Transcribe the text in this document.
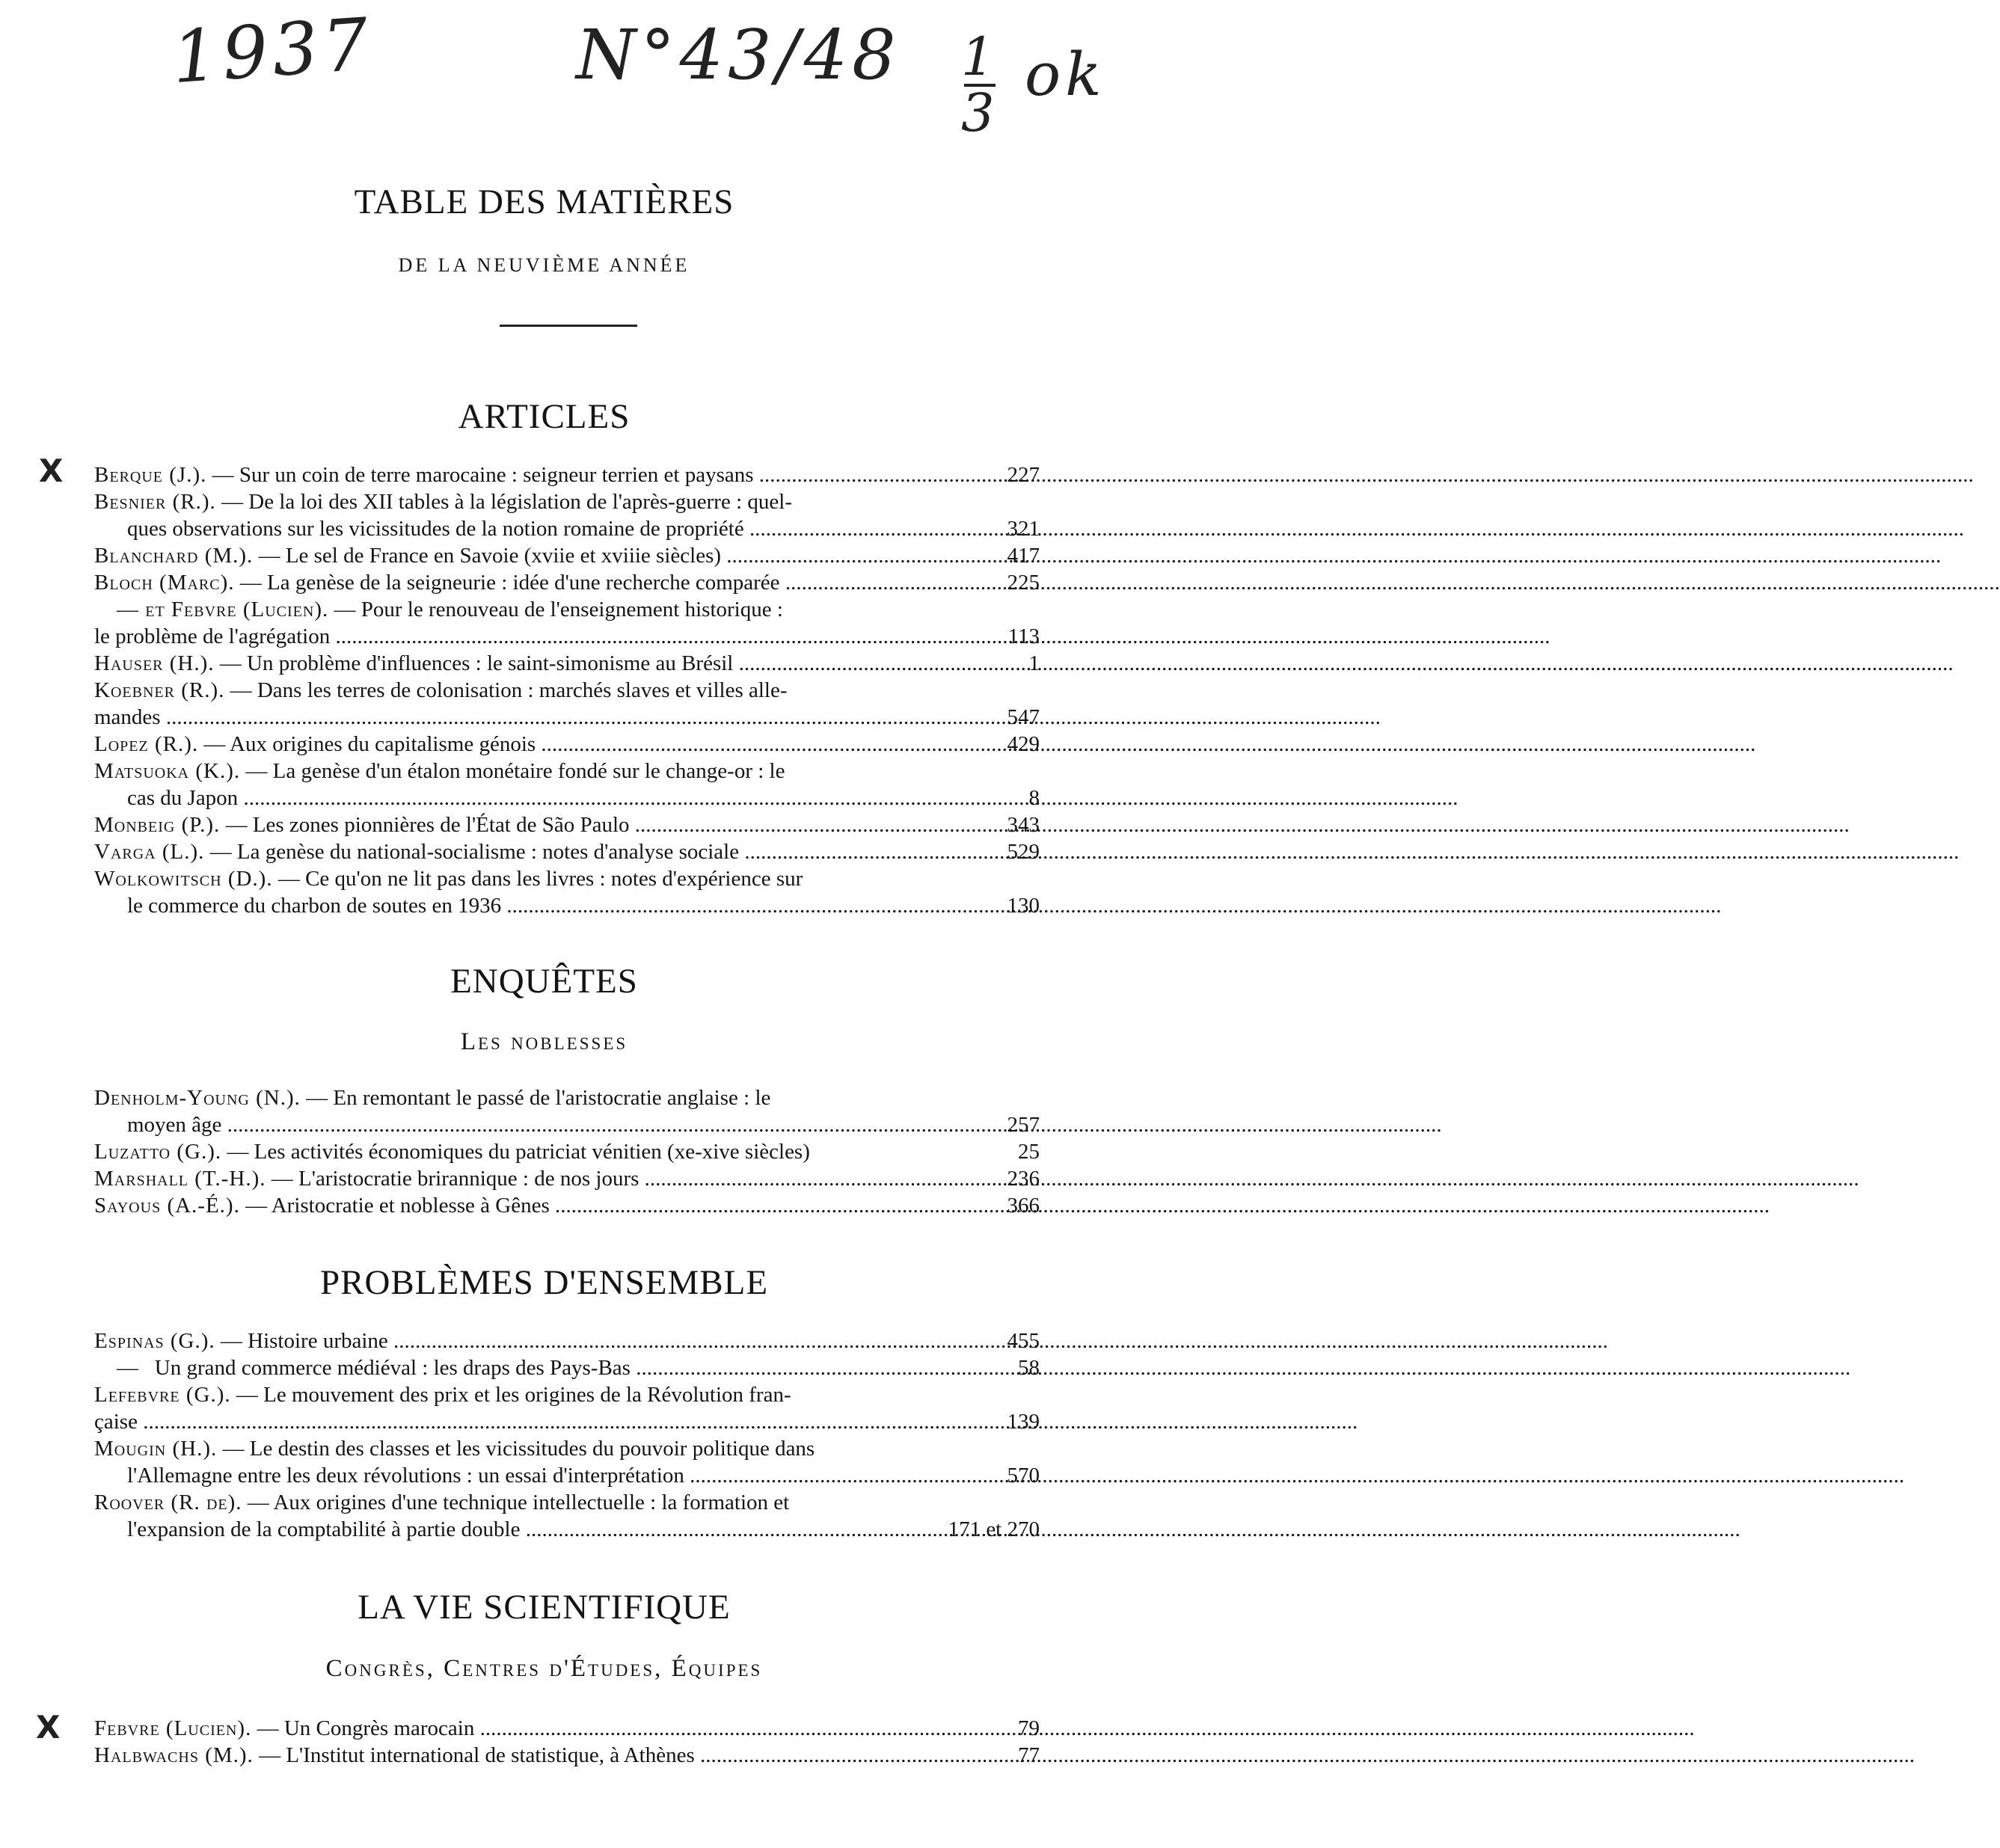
1937	N°43/48 1
3
ok
TABLE DES MATIÈRES
DE LA NEUVIÈME ANNÉE
ARTICLES
X Berque (J.). — Sur un coin de terre marocaine : seigneur terrien et paysans .....	227
Besnier (R.). — De la loi des XII tables à la législation de l'après-guerre : quel-
ques observations sur les vicissitudes de la notion romaine de propriété .....	321
Blanchard (M.). — Le sel de France en Savoie (xviie et xviiie siècles) .....	417
Bloch (Marc). — La genèse de la seigneurie : idée d'une recherche comparée .....	225
— et Febvre (Lucien). — Pour le renouveau de l'enseignement historique :
le problème de l'agrégation .....	113
Hauser (H.). — Un problème d'influences : le saint-simonisme au Brésil .....	1
Koebner (R.). — Dans les terres de colonisation : marchés slaves et villes alle-
mandes .....	547
Lopez (R.). — Aux origines du capitalisme génois .....	429
Matsuoka (K.). — La genèse d'un étalon monétaire fondé sur le change-or : le
cas du Japon .....	8
Monbeig (P.). — Les zones pionnières de l'État de São Paulo .....	343
Varga (L.). — La genèse du national-socialisme : notes d'analyse sociale .....	529
Wolkowitsch (D.). — Ce qu'on ne lit pas dans les livres : notes d'expérience sur
le commerce du charbon de soutes en 1936 .....	130
ENQUÊTES
Les noblesses
Denholm-Young (N.). — En remontant le passé de l'aristocratie anglaise : le
moyen âge .....	257
Luzatto (G.). — Les activités économiques du patriciat vénitien (xe-xive siècles)	25
Marshall (T.-H.). — L'aristocratie brirannique : de nos jours .....	236
Sayous (A.-É.). — Aristocratie et noblesse à Gênes .....	366
PROBLÈMES D'ENSEMBLE
Espinas (G.). — Histoire urbaine .....	455
— Un grand commerce médiéval : les draps des Pays-Bas .....	58
Lefebvre (G.). — Le mouvement des prix et les origines de la Révolution fran-
çaise .....	139
Mougin (H.). — Le destin des classes et les vicissitudes du pouvoir politique dans
l'Allemagne entre les deux révolutions : un essai d'interprétation .....	570
Roover (R. de). — Aux origines d'une technique intellectuelle : la formation et
l'expansion de la comptabilité à partie double .....	171 et 270
LA VIE SCIENTIFIQUE
Congrès, Centres d'Études, Équipes
X Febvre (Lucien). — Un Congrès marocain .....	79
Halbwachs (M.). — L'Institut international de statistique, à Athènes .....	77
